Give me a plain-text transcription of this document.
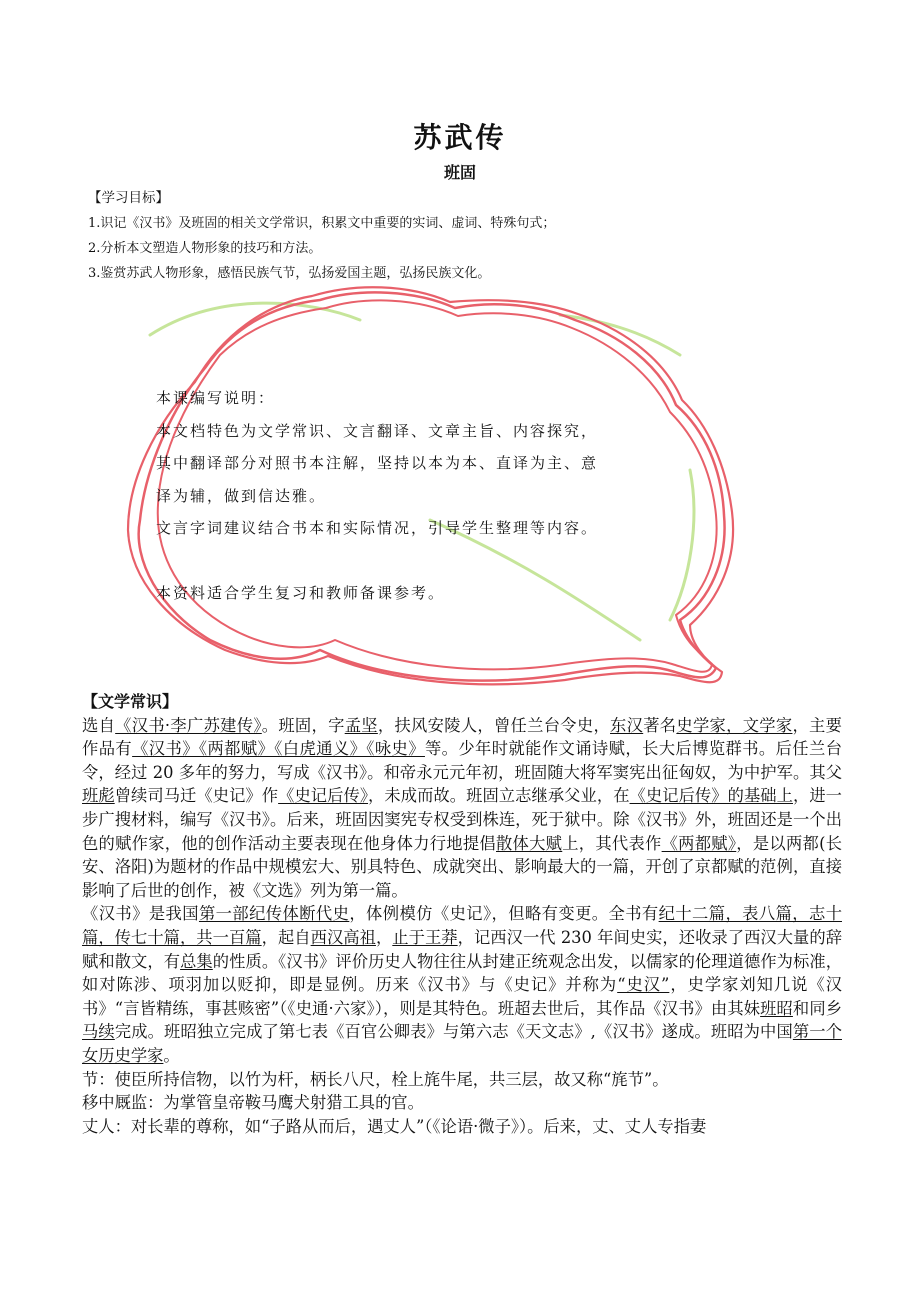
苏武传
班固
【学习目标】
1.识记《汉书》及班固的相关文学常识，积累文中重要的实词、虚词、特殊句式；
2.分析本文塑造人物形象的技巧和方法。
3.鉴赏苏武人物形象，感悟民族气节，弘扬爱国主题，弘扬民族文化。

本课编写说明：

本文档特色为文学常识、文言翻译、文章主旨、内容探究，

其中翻译部分对照书本注解，坚持以本为本、直译为主、意

译为辅，做到信达雅。

文言字词建议结合书本和实际情况，引导学生整理等内容。

本资料适合学生复习和教师备课参考。

【文学常识】

选自《汉书·李广苏建传》。班固，字孟坚，扶风安陵人，曾任兰台令史，东汉著名史学家，文学家，主要作品有《汉书》《两都赋》《白虎通义》《咏史》等。少年时就能作文诵诗赋，长大后博览群书。后任兰台令，经过 20 多年的努力，写成《汉书》。和帝永元元年初，班固随大将军窦宪出征匈奴，为中护军。其父班彪曾续司马迁《史记》作《史记后传》，未成而故。班固立志继承父业，在《史记后传》的基础上，进一步广搜材料，编写《汉书》。后来，班固因窦宪专权受到株连，死于狱中。除《汉书》外，班固还是一个出色的赋作家，他的创作活动主要表现在他身体力行地提倡散体大赋上，其代表作《两都赋》，是以两都(长安、洛阳)为题材的作品中规模宏大、别具特色、成就突出、影响最大的一篇，开创了京都赋的范例，直接影响了后世的创作，被《文选》列为第一篇。

《汉书》是我国第一部纪传体断代史，体例模仿《史记》，但略有变更。全书有纪十二篇，表八篇，志十篇，传七十篇，共一百篇，起自西汉高祖，止于王莽，记西汉一代 230 年间史实，还收录了西汉大量的辞赋和散文，有总集的性质。《汉书》评价历史人物往往从封建正统观念出发，以儒家的伦理道德作为标准，如对陈涉、项羽加以贬抑，即是显例。历来《汉书》与《史记》并称为“史汉”，史学家刘知几说《汉书》“言皆精练，事甚赅密”（《史通·六家》），则是其特色。班超去世后，其作品《汉书》由其妹班昭和同乡马续完成。班昭独立完成了第七表《百官公卿表》与第六志《天文志》,《汉书》遂成。班昭为中国第一个女历史学家。

节：使臣所持信物，以竹为杆，柄长八尺，栓上旄牛尾，共三层，故又称“旄节”。

移中厩监：为掌管皇帝鞍马鹰犬射猎工具的官。

丈人：对长辈的尊称，如“子路从而后，遇丈人”（《论语·微子》）。后来，丈、丈人专指妻
